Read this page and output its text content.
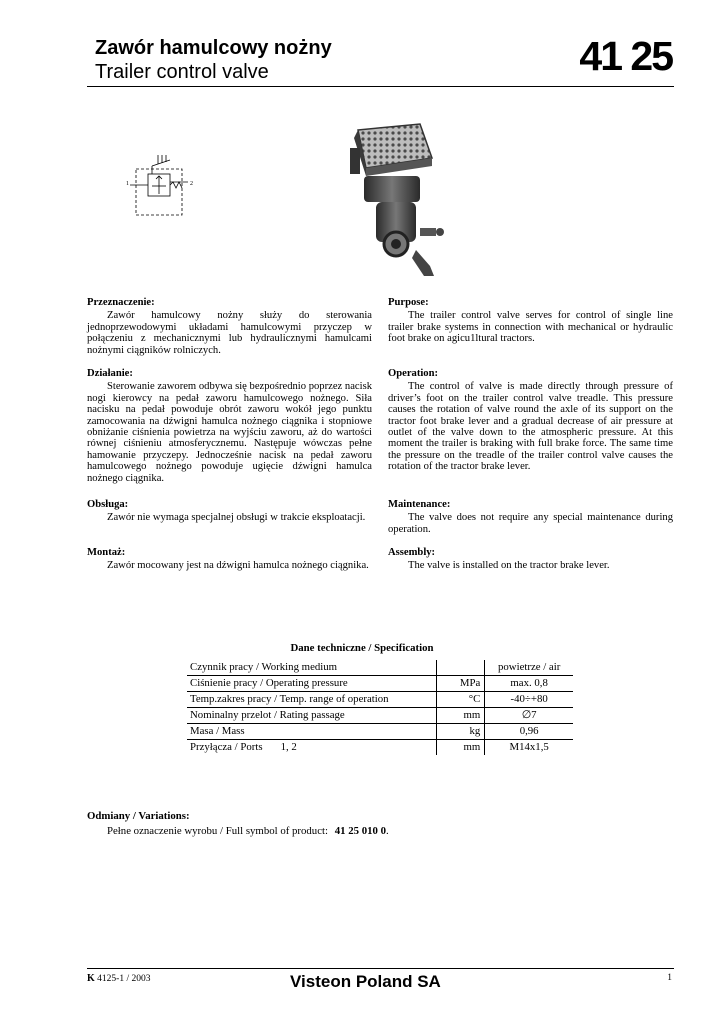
Zawór hamulcowy nożny
Trailer control valve	41 25
1	2

Przeznaczenie:

Zawór hamulcowy nożny służy do sterowania jednoprzewodowymi układami hamulcowymi przyczep w połączeniu z mechanicznymi lub hydraulicznymi hamulcami nożnymi ciągników rolniczych.

Działanie:

Sterowanie zaworem odbywa się bezpośrednio poprzez nacisk nogi kierowcy na pedał zaworu hamulcowego nożnego. Siła nacisku na pedał powoduje obrót zaworu wokół jego punktu zamocowania na dźwigni hamulca nożnego ciągnika i stopniowe obniżanie ciśnienia powietrza na wyjściu zaworu, aż do wartości równej ciśnieniu atmosferycznemu. Następuje wówczas pełne hamowanie przyczepy. Jednocześnie nacisk na pedał zaworu hamulcowego nożnego powoduje ugięcie dźwigni hamulca nożnego ciągnika.

Obsługa:

Zawór nie wymaga specjalnej obsługi w trakcie eksploatacji.

Montaż:

Zawór mocowany jest na dźwigni hamulca nożnego ciągnika.

Purpose:

The trailer control valve serves for control of single line trailer brake systems in connection with mechanical or hydraulic foot brake on agicu1ltural tractors.

Operation:

The control of valve is made directly through pressure of driver’s foot on the trailer control valve treadle. This pressure causes the rotation of valve round the axle of its support on the tractor foot brake lever and a gradual decrease of air pressure at outlet of the valve down to the atmospheric pressure. At this moment the trailer is braking with full brake force. The same time the pressure on the treadle of the trailer control valve causes the rotation of the tractor brake lever.

Maintenance:

The valve does not require any special maintenance during operation.

Assembly:

The valve is installed on the tractor brake lever.

Dane techniczne / Specification
Czynnik pracy / Working medium		powietrze / air
Ciśnienie pracy / Operating pressure	MPa	max. 0,8
Temp.zakres pracy / Temp. range of operation	°C	-40÷+80
Nominalny przelot / Rating passage	mm	∅7
Masa / Mass	kg	0,96
Przyłącza / Ports 1, 2	mm	M14x1,5
Odmiany / Variations:
Pełne oznaczenie wyrobu / Full symbol of product: 41 25 010 0.
K 4125-1 / 2003	Visteon Poland SA	1
